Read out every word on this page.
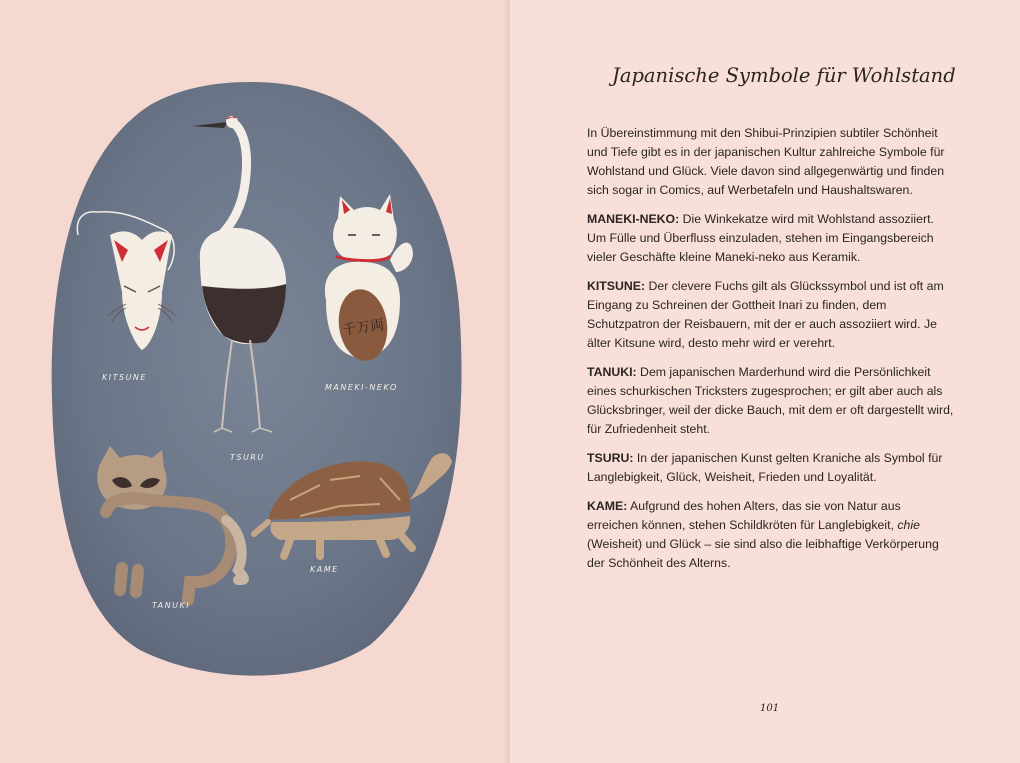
KITSUNE
TSURU
千万両
MANEKI-NEKO
TANUKI
KAME
Japanische Symbole für Wohlstand

In Übereinstimmung mit den Shibui-Prinzipien subtiler Schönheit und Tiefe gibt es in der japanischen Kultur zahlreiche Symbole für Wohlstand und Glück. Viele davon sind allgegenwärtig und finden sich sogar in Comics, auf Werbetafeln und Haushaltswaren.

MANEKI-NEKO: Die Winkekatze wird mit Wohlstand assoziiert. Um Fülle und Überfluss einzuladen, stehen im Eingangsbereich vieler Geschäfte kleine Maneki-neko aus Keramik.

KITSUNE: Der clevere Fuchs gilt als Glückssymbol und ist oft am Eingang zu Schreinen der Gottheit Inari zu finden, dem Schutzpatron der Reisbauern, mit der er auch assoziiert wird. Je älter Kitsune wird, desto mehr wird er verehrt.

TANUKI: Dem japanischen Marderhund wird die Persönlichkeit eines schurkischen Tricksters zugesprochen; er gilt aber auch als Glücksbringer, weil der dicke Bauch, mit dem er oft dargestellt wird, für Zufriedenheit steht.

TSURU: In der japanischen Kunst gelten Kraniche als Symbol für Langlebigkeit, Glück, Weisheit, Frieden und Loyalität.

KAME: Aufgrund des hohen Alters, das sie von Natur aus erreichen können, stehen Schildkröten für Langlebigkeit, chie (Weisheit) und Glück – sie sind also die leibhaftige Verkörperung der Schönheit des Alterns.

101
